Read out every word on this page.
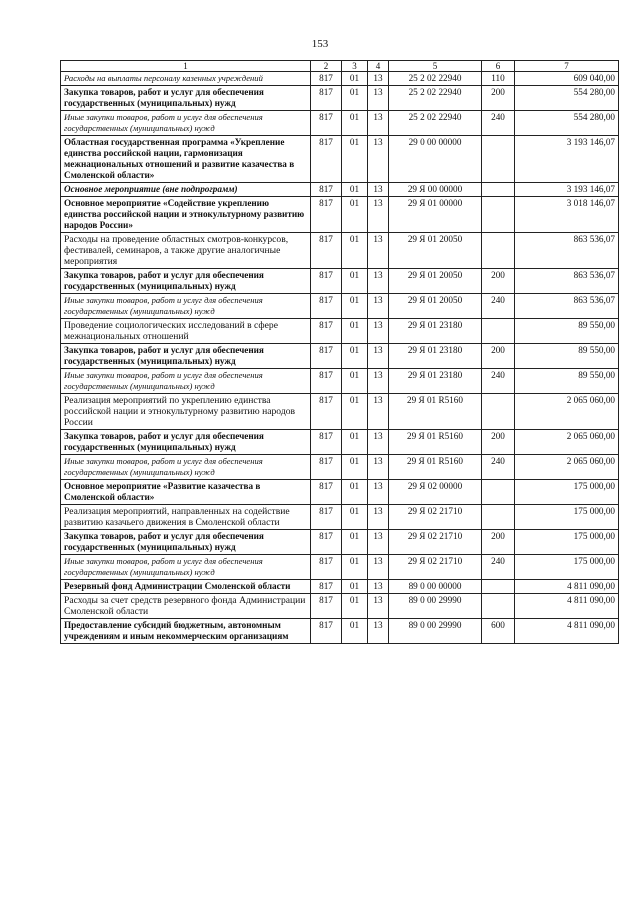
153
1	2	3	4	5	6	7
Расходы на выплаты персоналу казенных учреждений	817	01	13	25 2 02 22940	110	609 040,00
Закупка товаров, работ и услуг для обеспечения государственных (муниципальных) нужд	817	01	13	25 2 02 22940	200	554 280,00
Иные закупки товаров, работ и услуг для обеспечения государственных (муниципальных) нужд	817	01	13	25 2 02 22940	240	554 280,00
Областная государственная программа «Укрепление единства российской нации, гармонизация межнациональных отношений и развитие казачества в Смоленской области»	817	01	13	29 0 00 00000		3 193 146,07
Основное мероприятие (вне подпрограмм)	817	01	13	29 Я 00 00000		3 193 146,07
Основное мероприятие «Содействие укреплению единства российской нации и этнокультурному развитию народов России»	817	01	13	29 Я 01 00000		3 018 146,07
Расходы на проведение областных смотров-конкурсов, фестивалей, семинаров, а также другие аналогичные мероприятия	817	01	13	29 Я 01 20050		863 536,07
Закупка товаров, работ и услуг для обеспечения государственных (муниципальных) нужд	817	01	13	29 Я 01 20050	200	863 536,07
Иные закупки товаров, работ и услуг для обеспечения государственных (муниципальных) нужд	817	01	13	29 Я 01 20050	240	863 536,07
Проведение социологических исследований в сфере межнациональных отношений	817	01	13	29 Я 01 23180		89 550,00
Закупка товаров, работ и услуг для обеспечения государственных (муниципальных) нужд	817	01	13	29 Я 01 23180	200	89 550,00
Иные закупки товаров, работ и услуг для обеспечения государственных (муниципальных) нужд	817	01	13	29 Я 01 23180	240	89 550,00
Реализация мероприятий по укреплению единства российской нации и этнокультурному развитию народов России	817	01	13	29 Я 01 R5160		2 065 060,00
Закупка товаров, работ и услуг для обеспечения государственных (муниципальных) нужд	817	01	13	29 Я 01 R5160	200	2 065 060,00
Иные закупки товаров, работ и услуг для обеспечения государственных (муниципальных) нужд	817	01	13	29 Я 01 R5160	240	2 065 060,00
Основное мероприятие «Развитие казачества в Смоленской области»	817	01	13	29 Я 02 00000		175 000,00
Реализация мероприятий, направленных на содействие развитию казачьего движения в Смоленской области	817	01	13	29 Я 02 21710		175 000,00
Закупка товаров, работ и услуг для обеспечения государственных (муниципальных) нужд	817	01	13	29 Я 02 21710	200	175 000,00
Иные закупки товаров, работ и услуг для обеспечения государственных (муниципальных) нужд	817	01	13	29 Я 02 21710	240	175 000,00
Резервный фонд Администрации Смоленской области	817	01	13	89 0 00 00000		4 811 090,00
Расходы за счет средств резервного фонда Администрации Смоленской области	817	01	13	89 0 00 29990		4 811 090,00
Предоставление субсидий бюджетным, автономным учреждениям и иным некоммерческим организациям	817	01	13	89 0 00 29990	600	4 811 090,00
